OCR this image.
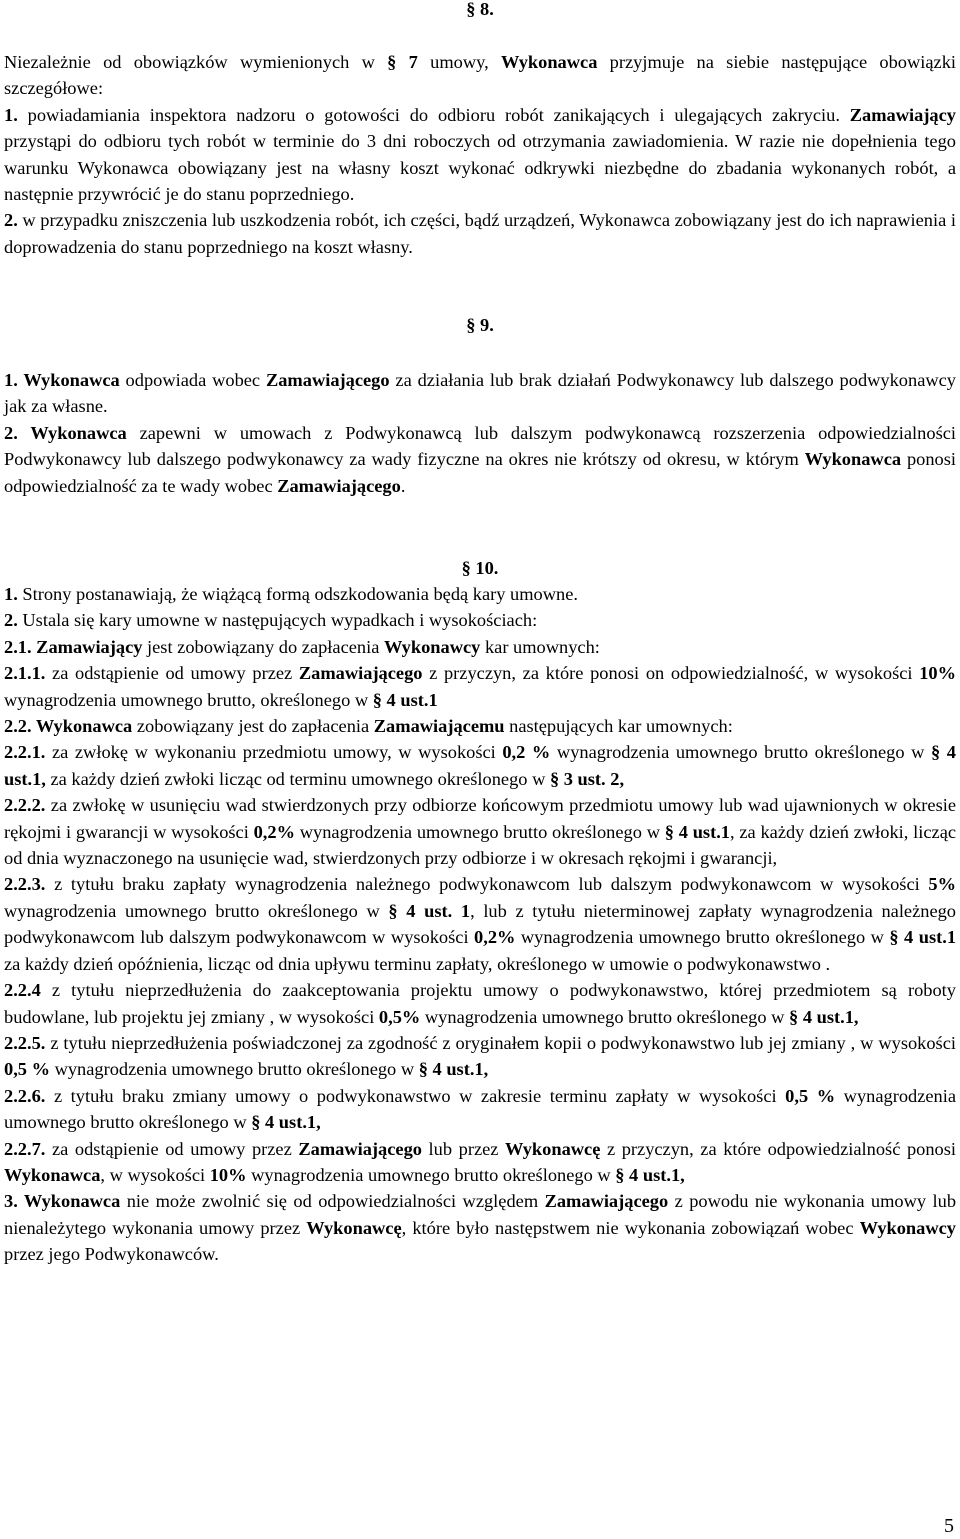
§ 8.

Niezależnie od obowiązków wymienionych w § 7 umowy, Wykonawca przyjmuje na siebie następujące obowiązki szczegółowe:

1. powiadamiania inspektora nadzoru o gotowości do odbioru robót zanikających i ulegających zakryciu. Zamawiający przystąpi do odbioru tych robót w terminie do 3 dni roboczych od otrzymania zawiadomienia. W razie nie dopełnienia tego warunku Wykonawca obowiązany jest na własny koszt wykonać odkrywki niezbędne do zbadania wykonanych robót, a następnie przywrócić je do stanu poprzedniego.

2. w przypadku zniszczenia lub uszkodzenia robót, ich części, bądź urządzeń, Wykonawca zobowiązany jest do ich naprawienia i doprowadzenia do stanu poprzedniego na koszt własny.

§ 9.

1. Wykonawca odpowiada wobec Zamawiającego za działania lub brak działań Podwykonawcy lub dalszego podwykonawcy jak za własne.

2. Wykonawca zapewni w umowach z Podwykonawcą lub dalszym podwykonawcą rozszerzenia odpowiedzialności Podwykonawcy lub dalszego podwykonawcy za wady fizyczne na okres nie krótszy od okresu, w którym Wykonawca ponosi odpowiedzialność za te wady wobec Zamawiającego.

§ 10.

1. Strony postanawiają, że wiążącą formą odszkodowania będą kary umowne.

2. Ustala się kary umowne w następujących wypadkach i wysokościach:

2.1. Zamawiający jest zobowiązany do zapłacenia Wykonawcy kar umownych:

2.1.1. za odstąpienie od umowy przez Zamawiającego z przyczyn, za które ponosi on odpowiedzialność, w wysokości 10% wynagrodzenia umownego brutto, określonego w § 4 ust.1

2.2. Wykonawca zobowiązany jest do zapłacenia Zamawiającemu następujących kar umownych:

2.2.1. za zwłokę w wykonaniu przedmiotu umowy, w wysokości 0,2 % wynagrodzenia umownego brutto określonego w § 4 ust.1, za każdy dzień zwłoki licząc od terminu umownego określonego w § 3 ust. 2,

2.2.2. za zwłokę w usunięciu wad stwierdzonych przy odbiorze końcowym przedmiotu umowy lub wad ujawnionych w okresie rękojmi i gwarancji w wysokości 0,2% wynagrodzenia umownego brutto określonego w § 4 ust.1, za każdy dzień zwłoki, licząc od dnia wyznaczonego na usunięcie wad, stwierdzonych przy odbiorze i w okresach rękojmi i gwarancji,

2.2.3. z tytułu braku zapłaty wynagrodzenia należnego podwykonawcom lub dalszym podwykonawcom w wysokości 5% wynagrodzenia umownego brutto określonego w § 4 ust. 1, lub z tytułu nieterminowej zapłaty wynagrodzenia należnego podwykonawcom lub dalszym podwykonawcom w wysokości 0,2% wynagrodzenia umownego brutto określonego w § 4 ust.1 za każdy dzień opóźnienia, licząc od dnia upływu terminu zapłaty, określonego w umowie o podwykonawstwo .

2.2.4 z tytułu nieprzedłużenia do zaakceptowania projektu umowy o podwykonawstwo, której przedmiotem są roboty budowlane, lub projektu jej zmiany , w wysokości 0,5% wynagrodzenia umownego brutto określonego w § 4 ust.1,

2.2.5. z tytułu nieprzedłużenia poświadczonej za zgodność z oryginałem kopii o podwykonawstwo lub jej zmiany , w wysokości 0,5 % wynagrodzenia umownego brutto określonego w § 4 ust.1,

2.2.6. z tytułu braku zmiany umowy o podwykonawstwo w zakresie terminu zapłaty w wysokości 0,5 % wynagrodzenia umownego brutto określonego w § 4 ust.1,

2.2.7. za odstąpienie od umowy przez Zamawiającego lub przez Wykonawcę z przyczyn, za które odpowiedzialność ponosi Wykonawca, w wysokości 10% wynagrodzenia umownego brutto określonego w § 4 ust.1,

3. Wykonawca nie może zwolnić się od odpowiedzialności względem Zamawiającego z powodu nie wykonania umowy lub nienależytego wykonania umowy przez Wykonawcę, które było następstwem nie wykonania zobowiązań wobec Wykonawcy przez jego Podwykonawców.

5
